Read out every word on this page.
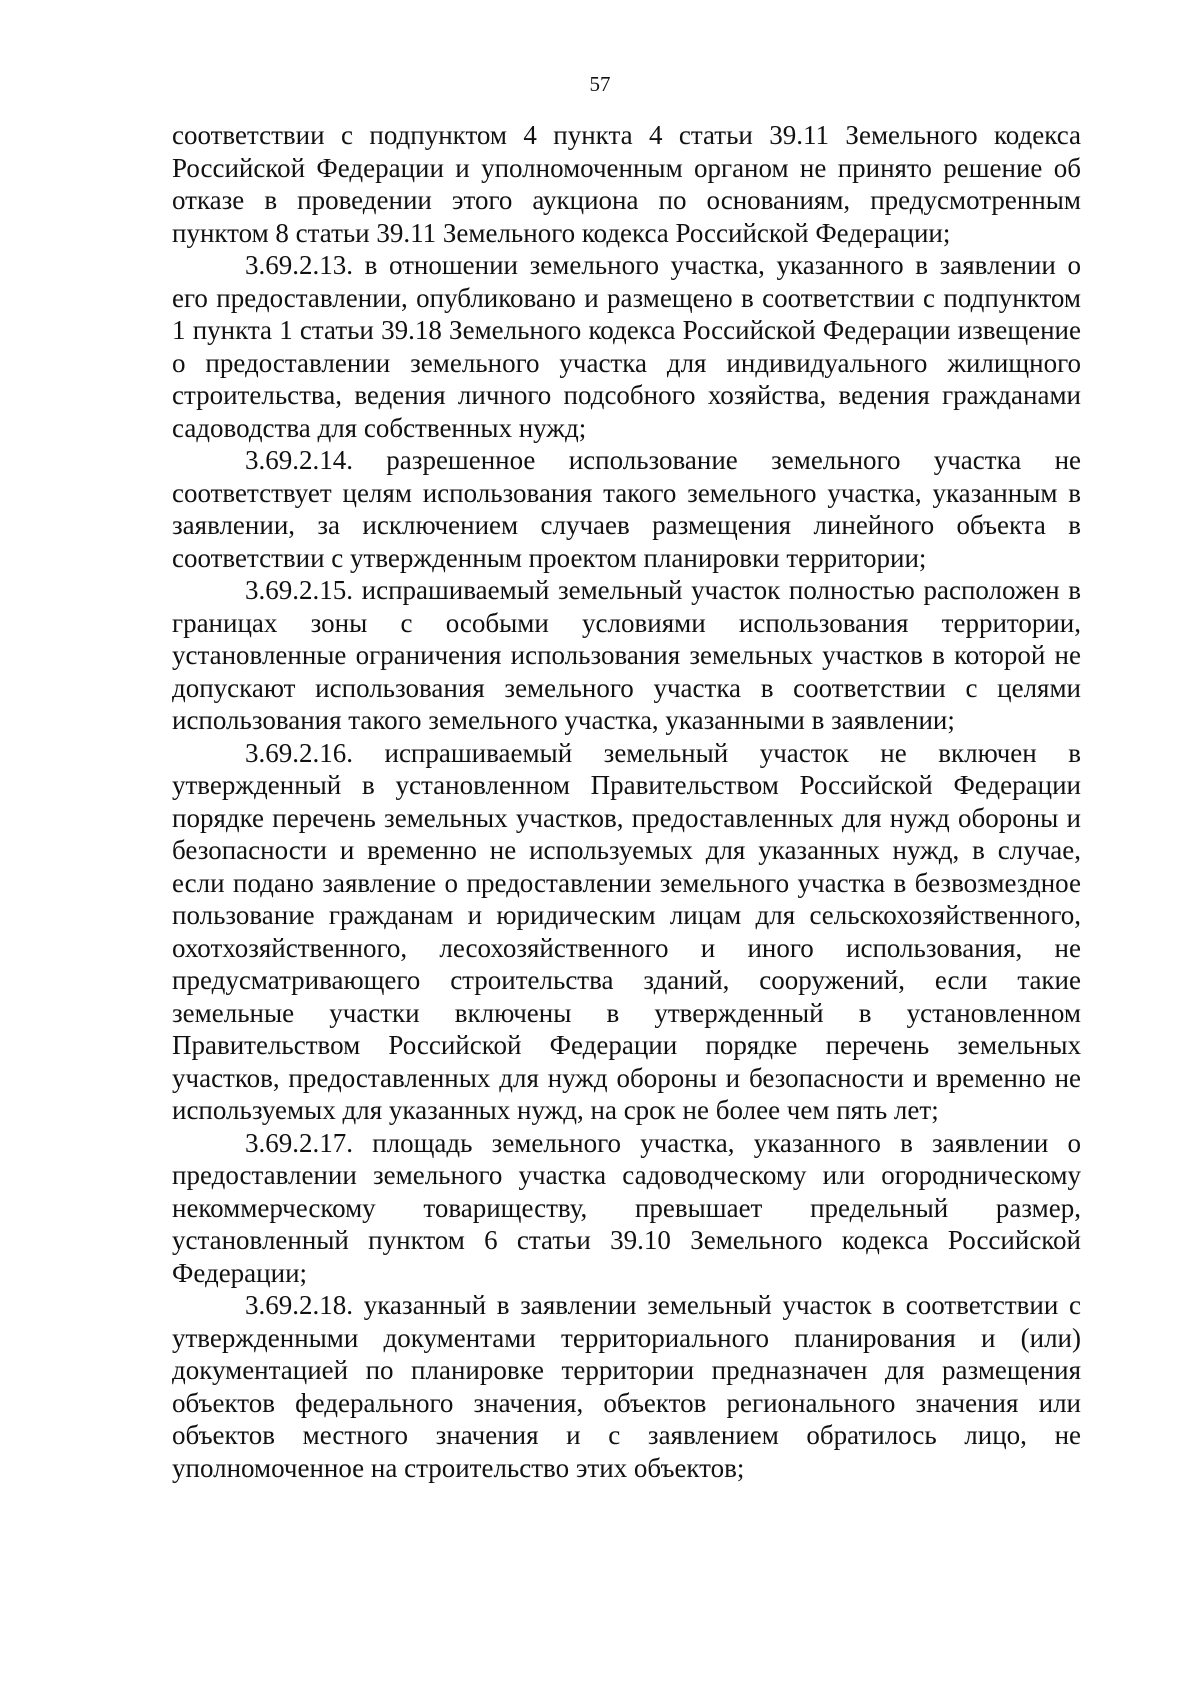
57

соответствии с подпунктом 4 пункта 4 статьи 39.11 Земельного кодекса Российской Федерации и уполномоченным органом не принято решение об отказе в проведении этого аукциона по основаниям, предусмотренным пунктом 8 статьи 39.11 Земельного кодекса Российской Федерации;

3.69.2.13. в отношении земельного участка, указанного в заявлении о его предоставлении, опубликовано и размещено в соответствии с подпунктом 1 пункта 1 статьи 39.18 Земельного кодекса Российской Федерации извещение о предоставлении земельного участка для индивидуального жилищного строительства, ведения личного подсобного хозяйства, ведения гражданами садоводства для собственных нужд;

3.69.2.14. разрешенное использование земельного участка не соответствует целям использования такого земельного участка, указанным в заявлении, за исключением случаев размещения линейного объекта в соответствии с утвержденным проектом планировки территории;

3.69.2.15. испрашиваемый земельный участок полностью расположен в границах зоны с особыми условиями использования территории, установленные ограничения использования земельных участков в которой не допускают использования земельного участка в соответствии с целями использования такого земельного участка, указанными в заявлении;

3.69.2.16. испрашиваемый земельный участок не включен в утвержденный в установленном Правительством Российской Федерации порядке перечень земельных участков, предоставленных для нужд обороны и безопасности и временно не используемых для указанных нужд, в случае, если подано заявление о предоставлении земельного участка в безвозмездное пользование гражданам и юридическим лицам для сельскохозяйственного, охотхозяйственного, лесохозяйственного и иного использования, не предусматривающего строительства зданий, сооружений, если такие земельные участки включены в утвержденный в установленном Правительством Российской Федерации порядке перечень земельных участков, предоставленных для нужд обороны и безопасности и временно не используемых для указанных нужд, на срок не более чем пять лет;

3.69.2.17. площадь земельного участка, указанного в заявлении о предоставлении земельного участка садоводческому или огородническому некоммерческому товариществу, превышает предельный размер, установленный пунктом 6 статьи 39.10 Земельного кодекса Российской Федерации;

3.69.2.18. указанный в заявлении земельный участок в соответствии с утвержденными документами территориального планирования и (или) документацией по планировке территории предназначен для размещения объектов федерального значения, объектов регионального значения или объектов местного значения и с заявлением обратилось лицо, не уполномоченное на строительство этих объектов;
